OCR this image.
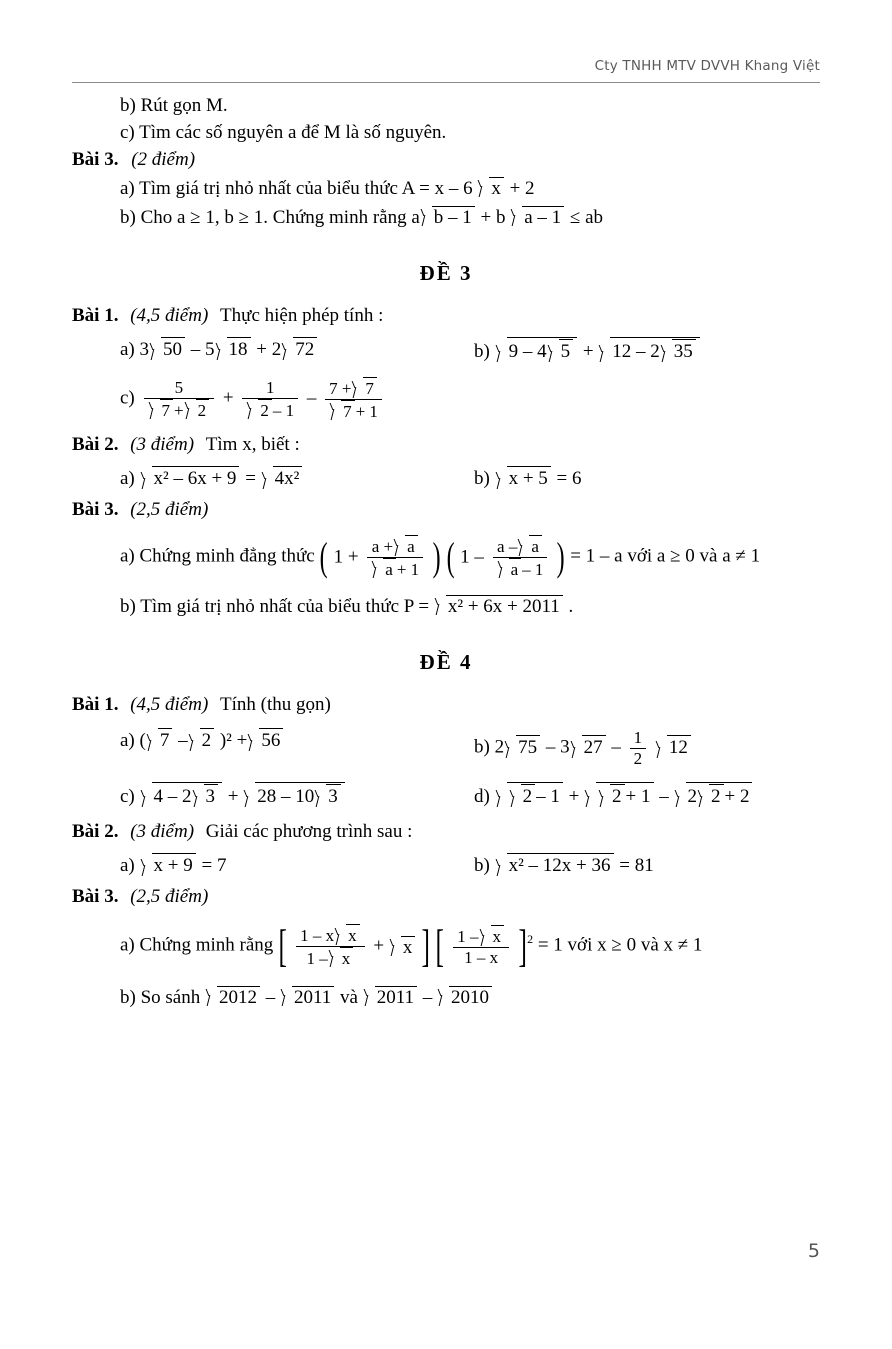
Cty TNHH MTV DVVH Khang Việt
b) Rút gọn M.
c) Tìm các số nguyên a để M là số nguyên.
Bài 3. (2 điểm)
a) Tìm giá trị nhỏ nhất của biểu thức A = x – 6 x + 2
b) Cho a ≥ 1, b ≥ 1. Chứng minh rằng a b – 1 + b a – 1 ≤ ab
ĐỀ 3
Bài 1. (4,5 điểm) Thực hiện phép tính :
a) 3 50 – 5 18 + 2 72	b) 9 – 4 5 + 12 – 2 35
$c) \frac{5}{7 + 2} + \frac{1}{2 - 1} - \frac{7 + 7}{7 + 1}$
Bài 2. (3 điểm) Tìm x, biết :
a) x² – 6x + 9 = 4x²	b) x + 5 = 6
Bài 3. (2,5 điểm)
a) Chứng minh đẳng thức ( $1 + \frac{a + a}{a + 1}$ ) ( $1 - \frac{a - a}{a - 1}$ ) = 1 – a với a ≥ 0 và a ≠ 1
b) Tìm giá trị nhỏ nhất của biểu thức P = x² + 6x + 2011 .
ĐỀ 4
Bài 1. (4,5 điểm) Tính (thu gọn)
a) ( 7 – 2 )² + 56	b) 2 75 – 3 $27 - \frac{1}{2} 12$
c) 4 – 2 3 + 28 – 10 3	d) 2 – 1 + 2 + 1 – 2 2 + 2
Bài 2. (3 điểm) Giải các phương trình sau :
a) x + 9 = 7	b) x² – 12x + 36 = 81
Bài 3. (2,5 điểm)
a) Chứng minh rằng [ $\frac{\text{1 – x x}}{1 - x} + x$ ] [ $\frac{1 - x}{1 - x} ]^2 = 1$ với x ≥ 0 và x ≠ 1
b) So sánh 2012 – 2011 và 2011 – 2010
5
